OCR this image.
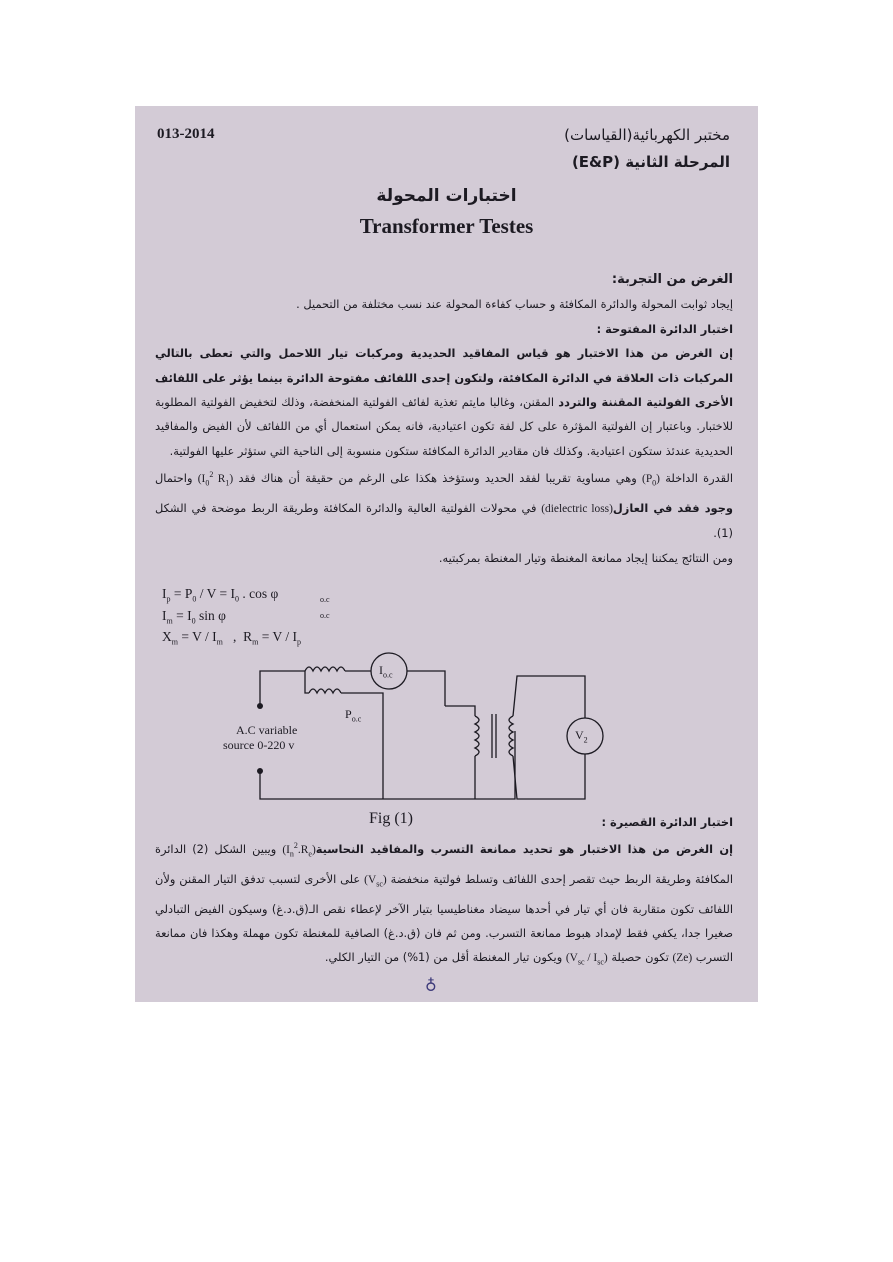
013-2014	مختبر الكهربائية(القياسات)
المرحلة الثانية (E&P)
اختبارات المحولة
Transformer Testes

الغرض من التجربة:

إيجاد ثوابت المحولة والدائرة المكافئة و حساب كفاءة المحولة عند نسب مختلفة من التحميل .

اختبار الدائرة المفتوحة :

إن الغرض من هذا الاختبار هو قياس المفاقيد الحديدية ومركبات تيار اللاحمل والتي تعطى بالتالي المركبات ذات العلاقة في الدائرة المكافئة، ولتكون إحدى اللفائف مفتوحة الدائرة بينما يؤثر على اللفائف الأخرى الفولتية المقننة والتردد المقنن، وغالبا مايتم تغذية لفائف الفولتية المنخفضة، وذلك لتخفيض الفولتية المطلوبة للاختبار. وباعتبار إن الفولتية المؤثرة على كل لفة تكون اعتيادية، فانه يمكن استعمال أي من اللفائف لأن الفيض والمفاقيد الحديدية عندئذ ستكون اعتيادية. وكذلك فان مقادير الدائرة المكافئة ستكون منسوبة إلى الناحية التي ستؤثر عليها الفولتية.

القدرة الداخلة $(P_0)$ وهي مساوية تقريبا لفقد الحديد وستؤخذ هكذا على الرغم من حقيقة أن هناك فقد ($I_0^2$ $R_1$) واحتمال وجود فقد في العازل(dielectric loss) في محولات الفولتية العالية والدائرة المكافئة وطريقة الربط موضحة في الشكل (1).

ومن النتائج يمكننا إيجاد ممانعة المغنطة وتيار المغنطة بمركبتيه.

$I_p = P_0 / V = I_0$ . cos φ
$I_m = I_0$ sin φ
$X_m = V / I_m$   ,  $R_m = V / I_p$
o.c
o.c
A.C variable
source 0-220 v
$P_{o.c}$
$I_{o.c}$
$V_2$
Fig (1)	اختبار الدائرة القصيرة :

إن الغرض من هذا الاختبار هو تحديد ممانعة التسرب والمفاقيد $النحاسية(I_n^2.R_e)$ ويبين الشكل (2) الدائرة المكافئة وطريقة الربط حيث تقصر إحدى اللفائف وتسلط فولتية منخفضة $(V_{sc})$ على الأخرى لتسبب تدفق التيار المقنن ولأن اللفائف تكون متقاربة فان أي تيار في أحدها سيضاد مغناطيسيا بتيار الآخر لإعطاء نقص الـ(ق.د.غ) وسيكون الفيض التبادلي صغيرا جدا، يكفي فقط لإمداد هبوط ممانعة التسرب. ومن ثم فان (ق.د.غ) الصافية للمغنطة تكون مهملة وهكذا فان ممانعة التسرب (Ze) تكون حصيلة $(V_{sc} / I_{sc})$ ويكون تيار المغنطة أقل من (1%) من التيار الكلي.

♁
